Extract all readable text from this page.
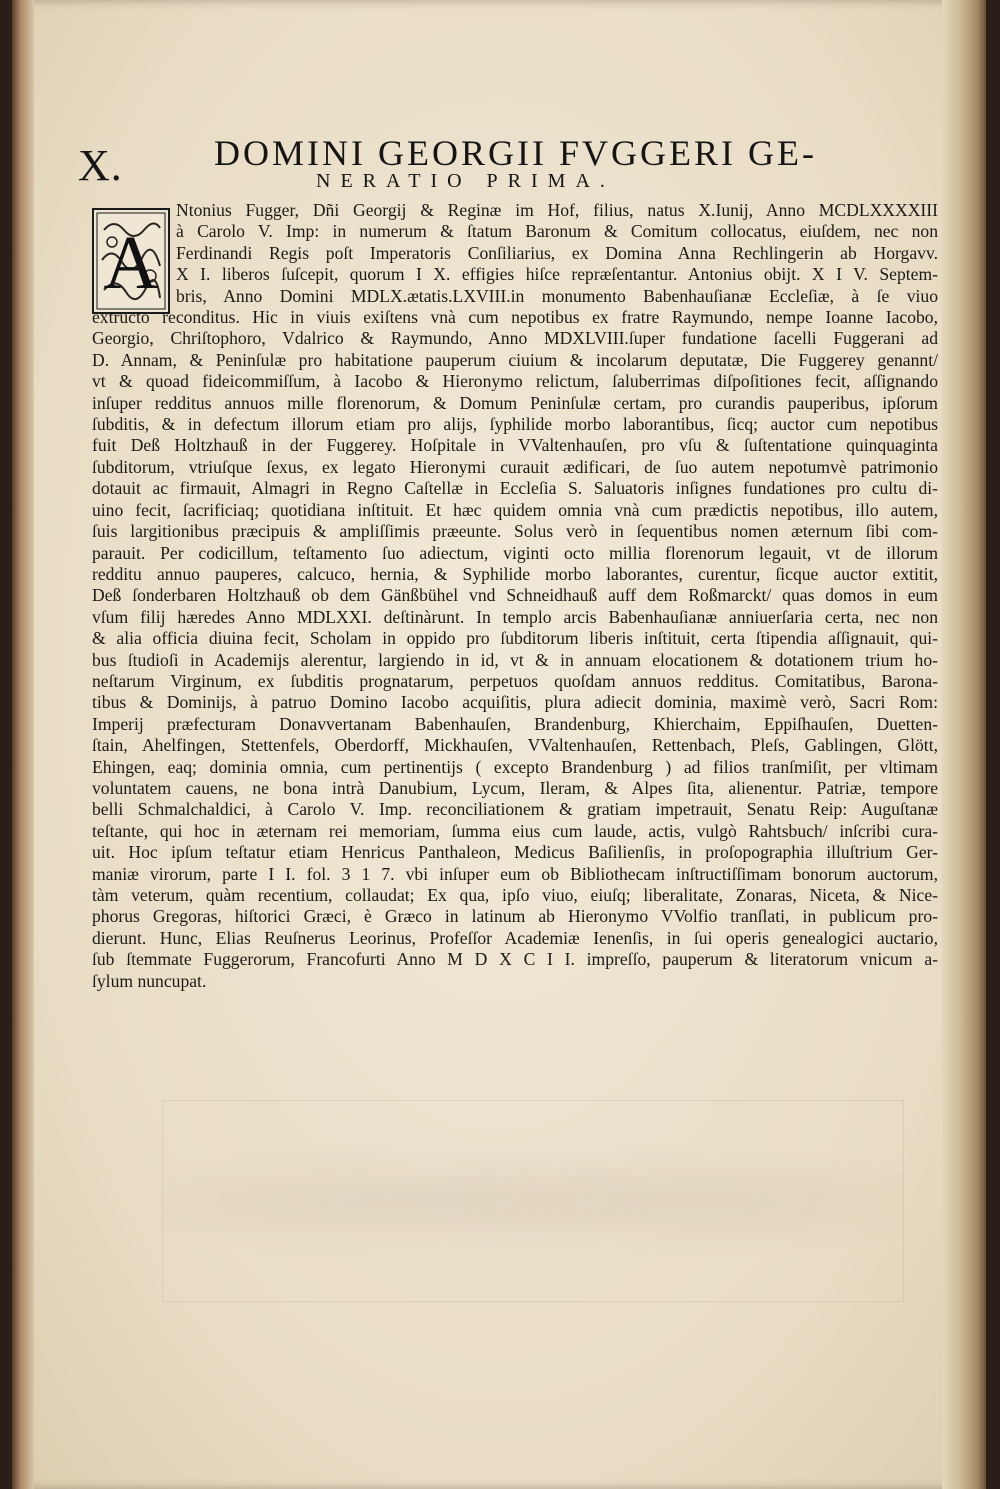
X.	DOMINI GEORGII FVGGERI GE-
NERATIO PRIMA.
A
Ntonius Fugger, Dñi Georgij & Reginæ im Hof, filius, natus X.Iunij, Anno MCDLXXXXIII
à Carolo V. Imp: in numerum & ſtatum Baronum & Comitum collocatus, eiuſdem, nec non
Ferdinandi Regis poſt Imperatoris Conſiliarius, ex Domina Anna Rechlingerin ab Horgavv.
X I. liberos ſuſcepit, quorum I X. effigies hiſce repræſentantur. Antonius obijt. X I V. Septem-
bris, Anno Domini MDLX.ætatis.LXVIII.in monumento Babenhauſianæ Eccleſiæ, à ſe viuo
extructo reconditus. Hic in viuis exiſtens vnà cum nepotibus ex fratre Raymundo, nempe Ioanne Iacobo,
Georgio, Chriſtophoro, Vdalrico & Raymundo, Anno MDXLVIII.ſuper fundatione ſacelli Fuggerani ad
D. Annam, & Peninſulæ pro habitatione pauperum ciuium & incolarum deputatæ, Die Fuggerey genannt/
vt & quoad fideicommiſſum, à Iacobo & Hieronymo relictum, ſaluberrimas diſpoſitiones fecit, aſſignando
inſuper redditus annuos mille florenorum, & Domum Peninſulæ certam, pro curandis pauperibus, ipſorum
ſubditis, & in defectum illorum etiam pro alijs, ſyphilide morbo laborantibus, ſicq; auctor cum nepotibus
fuit Deß Holtzhauß in der Fuggerey. Hoſpitale in VValtenhauſen, pro vſu & ſuſtentatione quinquaginta
ſubditorum, vtriuſque ſexus, ex legato Hieronymi curauit ædificari, de ſuo autem nepotumvè patrimonio
dotauit ac firmauit, Almagri in Regno Caſtellæ in Eccleſia S. Saluatoris inſignes fundationes pro cultu di-
uino fecit, ſacrificiaq; quotidiana inſtituit. Et hæc quidem omnia vnà cum prædictis nepotibus, illo autem,
ſuis largitionibus præcipuis & ampliſſimis præeunte. Solus verò in ſequentibus nomen æternum ſibi com-
parauit. Per codicillum, teſtamento ſuo adiectum, viginti octo millia florenorum legauit, vt de illorum
redditu annuo pauperes, calcuco, hernia, & Syphilide morbo laborantes, curentur, ſicque auctor extitit,
Deß ſonderbaren Holtzhauß ob dem Gänßbühel vnd Schneidhauß auff dem Roßmarckt/ quas domos in eum
vſum filij hæredes Anno MDLXXI. deſtinàrunt. In templo arcis Babenhauſianæ anniuerſaria certa, nec non
& alia officia diuina fecit, Scholam in oppido pro ſubditorum liberis inſtituit, certa ſtipendia aſſignauit, qui-
bus ſtudioſi in Academijs alerentur, largiendo in id, vt & in annuam elocationem & dotationem trium ho-
neſtarum Virginum, ex ſubditis prognatarum, perpetuos quoſdam annuos redditus. Comitatibus, Barona-
tibus & Dominijs, à patruo Domino Iacobo acquiſitis, plura adiecit dominia, maximè verò, Sacri Rom:
Imperij præfecturam Donavvertanam Babenhauſen, Brandenburg, Khierchaim, Eppiſhauſen, Duetten-
ſtain, Ahelfingen, Stettenfels, Oberdorff, Mickhauſen, VValtenhauſen, Rettenbach, Pleſs, Gablingen, Glött,
Ehingen, eaq; dominia omnia, cum pertinentijs ( excepto Brandenburg ) ad filios tranſmiſit, per vltimam
voluntatem cauens, ne bona intrà Danubium, Lycum, Ileram, & Alpes ſita, alienentur. Patriæ, tempore
belli Schmalchaldici, à Carolo V. Imp. reconciliationem & gratiam impetrauit, Senatu Reip: Auguſtanæ
teſtante, qui hoc in æternam rei memoriam, ſumma eius cum laude, actis, vulgò Rahtsbuch/ inſcribi cura-
uit. Hoc ipſum teſtatur etiam Henricus Panthaleon, Medicus Baſilienſis, in proſopographia illuſtrium Ger-
maniæ virorum, parte I I. fol. 3 1 7. vbi inſuper eum ob Bibliothecam inſtructiſſimam bonorum auctorum,
tàm veterum, quàm recentium, collaudat; Ex qua, ipſo viuo, eiuſq; liberalitate, Zonaras, Niceta, & Nice-
phorus Gregoras, hiſtorici Græci, è Græco in latinum ab Hieronymo VVolfio tranſlati, in publicum pro-
dierunt. Hunc, Elias Reuſnerus Leorinus, Profeſſor Academiæ Ienenſis, in ſui operis genealogici auctario,
ſub ſtemmate Fuggerorum, Francofurti Anno M D X C I I. impreſſo, pauperum & literatorum vnicum a-
ſylum nuncupat.
